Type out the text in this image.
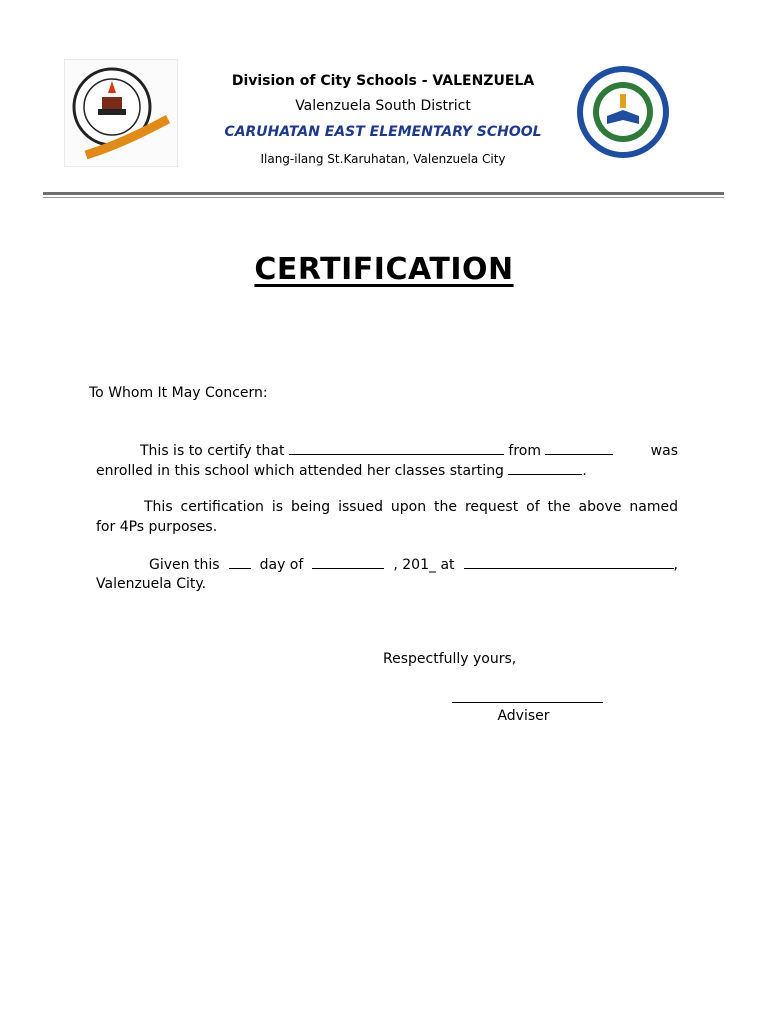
Division of City Schools - VALENZUELA
Valenzuela South District
CARUHATAN EAST ELEMENTARY SCHOOL
Ilang-ilang St.Karuhatan, Valenzuela City
CERTIFICATION
To Whom It May Concern:
This is to certify that	from	was
enrolled in this school which attended her classes starting	.
This certification is being issued upon the request of the above named
for 4Ps purposes.
Given this	day of	, 201_ at	,
Valenzuela City.
Respectfully yours,
Adviser
